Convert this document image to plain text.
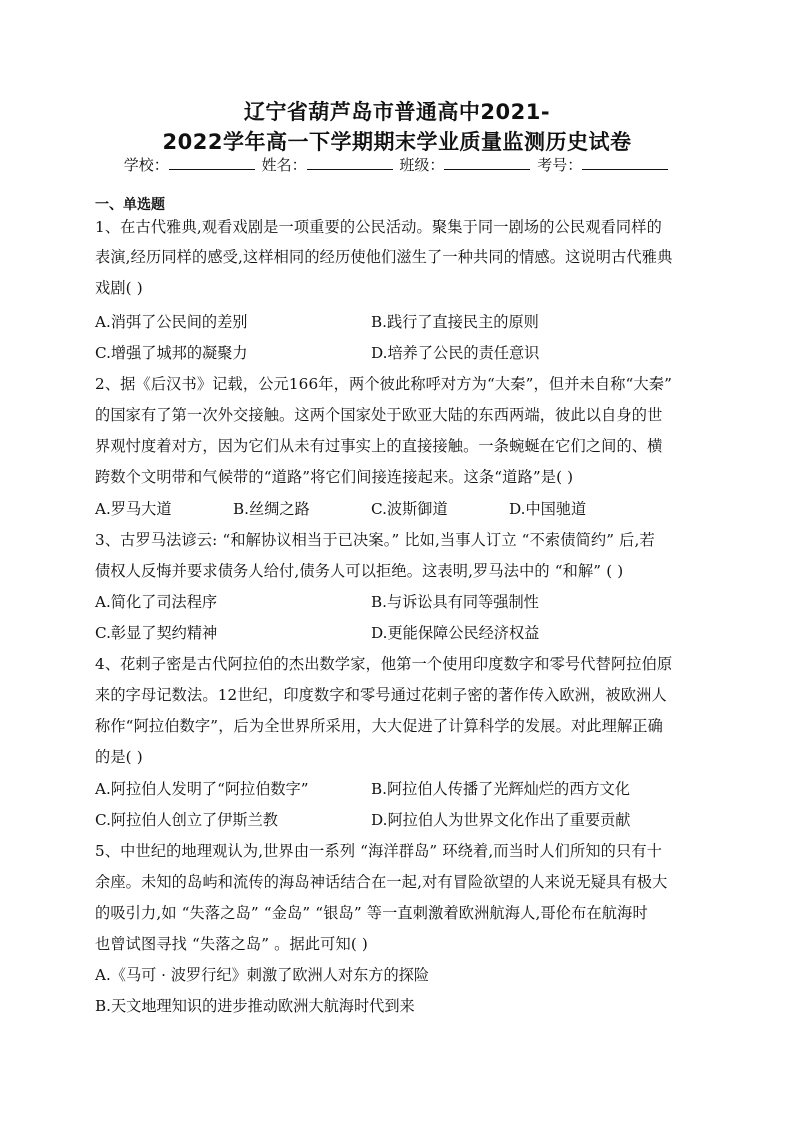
辽宁省葫芦岛市普通高中2021-
2022学年高一下学期期末学业质量监测历史试卷
学校：	姓名：	班级：	考号：
一、单选题
1、在古代雅典,观看戏剧是一项重要的公民活动。聚集于同一剧场的公民观看同样的
表演,经历同样的感受,这样相同的经历使他们滋生了一种共同的情感。这说明古代雅典
戏剧( )
A.消弭了公民间的差别	B.践行了直接民主的原则
C.增强了城邦的凝聚力	D.培养了公民的责任意识
2、据《后汉书》记载，公元166年，两个彼此称呼对方为“大秦”，但并未自称“大秦”
的国家有了第一次外交接触。这两个国家处于欧亚大陆的东西两端，彼此以自身的世
界观忖度着对方，因为它们从未有过事实上的直接接触。一条蜿蜒在它们之间的、横
跨数个文明带和气候带的“道路”将它们间接连接起来。这条“道路”是( )
A.罗马大道	B.丝绸之路	C.波斯御道	D.中国驰道
3、古罗马法谚云: “和解协议相当于已决案。” 比如,当事人订立 “不索债简约” 后,若
债权人反悔并要求债务人给付,债务人可以拒绝。这表明,罗马法中的 “和解” ( )
A.简化了司法程序	B.与诉讼具有同等强制性
C.彰显了契约精神	D.更能保障公民经济权益
4、花剌子密是古代阿拉伯的杰出数学家，他第一个使用印度数字和零号代替阿拉伯原
来的字母记数法。12世纪，印度数字和零号通过花剌子密的著作传入欧洲，被欧洲人
称作“阿拉伯数字”，后为全世界所采用，大大促进了计算科学的发展。对此理解正确
的是( )
A.阿拉伯人发明了“阿拉伯数字”	B.阿拉伯人传播了光辉灿烂的西方文化
C.阿拉伯人创立了伊斯兰教	D.阿拉伯人为世界文化作出了重要贡献
5、中世纪的地理观认为,世界由一系列 “海洋群岛” 环绕着,而当时人们所知的只有十
余座。未知的岛屿和流传的海岛神话结合在一起,对有冒险欲望的人来说无疑具有极大
的吸引力,如 “失落之岛” “金岛” “银岛” 等一直刺激着欧洲航海人,哥伦布在航海时
也曾试图寻找 “失落之岛” 。据此可知( )
A.《马可 · 波罗行纪》刺激了欧洲人对东方的探险
B.天文地理知识的进步推动欧洲大航海时代到来
